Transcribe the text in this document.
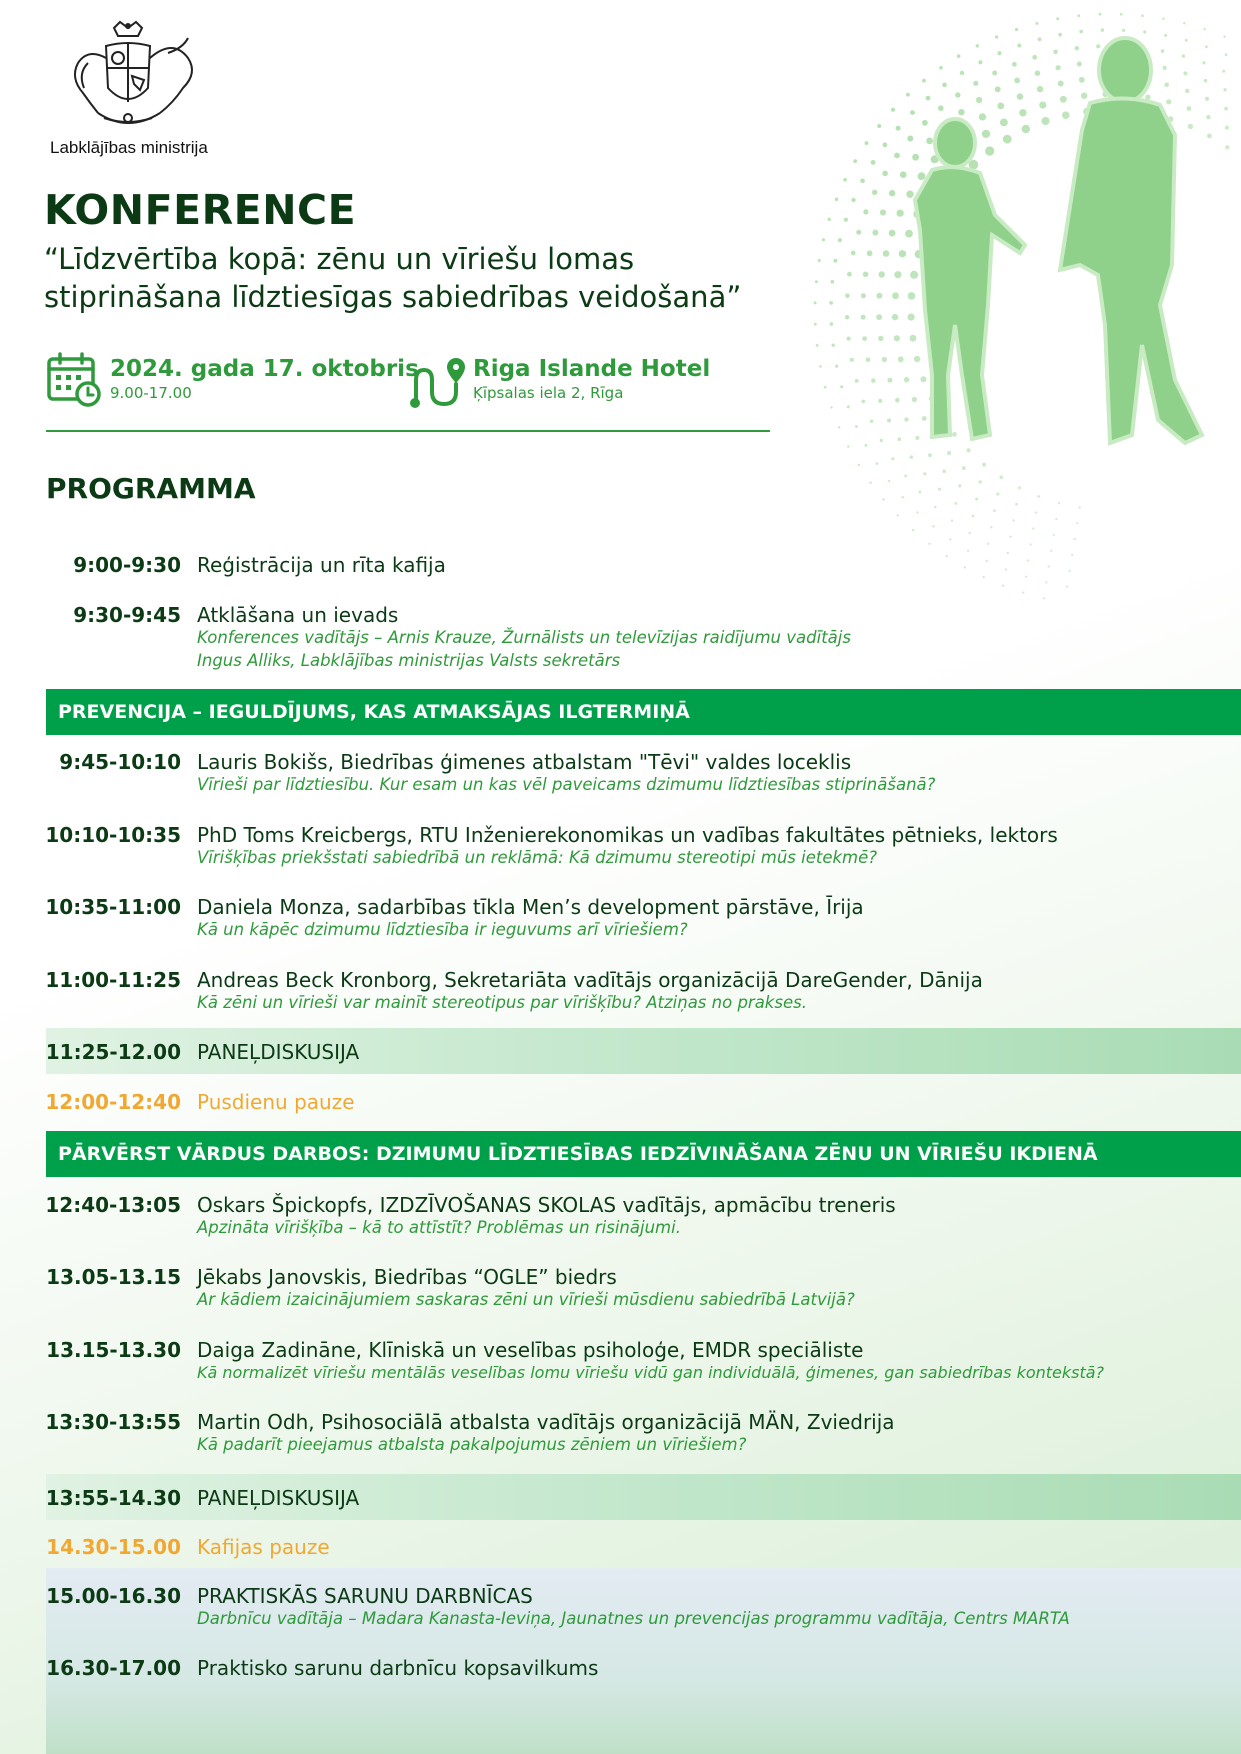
Labklājības ministrija
KONFERENCE
“Līdzvērtība kopā: zēnu un vīriešu lomas
stiprināšana līdztiesīgas sabiedrības veidošanā”
2024. gada 17. oktobris
9.00-17.00
Riga Islande Hotel
Ķīpsalas iela 2, Rīga
PROGRAMMA
PREVENCIJA – IEGULDĪJUMS, KAS ATMAKSĀJAS ILGTERMIŅĀ
PĀRVĒRST VĀRDUS DARBOS: DZIMUMU LĪDZTIESĪBAS IEDZĪVINĀŠANA ZĒNU UN VĪRIEŠU IKDIENĀ
9:00-9:30 Reģistrācija un rīta kafija
9:30-9:45 Atklāšana un ievads
Konferences vadītājs – Arnis Krauze, Žurnālists un televīzijas raidījumu vadītājs
Ingus Alliks, Labklājības ministrijas Valsts sekretārs
9:45-10:10 Lauris Bokišs, Biedrības ģimenes atbalstam "Tēvi" valdes loceklis
Vīrieši par līdztiesību. Kur esam un kas vēl paveicams dzimumu līdztiesības stiprināšanā?
10:10-10:35 PhD Toms Kreicbergs, RTU Inženierekonomikas un vadības fakultātes pētnieks, lektors
Vīrišķības priekšstati sabiedrībā un reklāmā: Kā dzimumu stereotipi mūs ietekmē?
10:35-11:00 Daniela Monza, sadarbības tīkla Men’s development pārstāve, Īrija
Kā un kāpēc dzimumu līdztiesība ir ieguvums arī vīriešiem?
11:00-11:25 Andreas Beck Kronborg, Sekretariāta vadītājs organizācijā DareGender, Dānija
Kā zēni un vīrieši var mainīt stereotipus par vīrišķību? Atziņas no prakses.
11:25-12.00 PANEĻDISKUSIJA
12:00-12:40 Pusdienu pauze
12:40-13:05 Oskars Špickopfs, IZDZĪVOŠANAS SKOLAS vadītājs, apmācību treneris
Apzināta vīrišķība – kā to attīstīt? Problēmas un risinājumi.
13.05-13.15 Jēkabs Janovskis, Biedrības “OGLE” biedrs
Ar kādiem izaicinājumiem saskaras zēni un vīrieši mūsdienu sabiedrībā Latvijā?
13.15-13.30 Daiga Zadināne, Klīniskā un veselības psiholoģe, EMDR speciāliste
Kā normalizēt vīriešu mentālās veselības lomu vīriešu vidū gan individuālā, ģimenes, gan sabiedrības kontekstā?
13:30-13:55 Martin Odh, Psihosociālā atbalsta vadītājs organizācijā MÄN, Zviedrija
Kā padarīt pieejamus atbalsta pakalpojumus zēniem un vīriešiem?
13:55-14.30 PANEĻDISKUSIJA
14.30-15.00 Kafijas pauze
15.00-16.30 PRAKTISKĀS SARUNU DARBNĪCAS
Darbnīcu vadītāja – Madara Kanasta-Ieviņa, Jaunatnes un prevencijas programmu vadītāja, Centrs MARTA
16.30-17.00 Praktisko sarunu darbnīcu kopsavilkums
